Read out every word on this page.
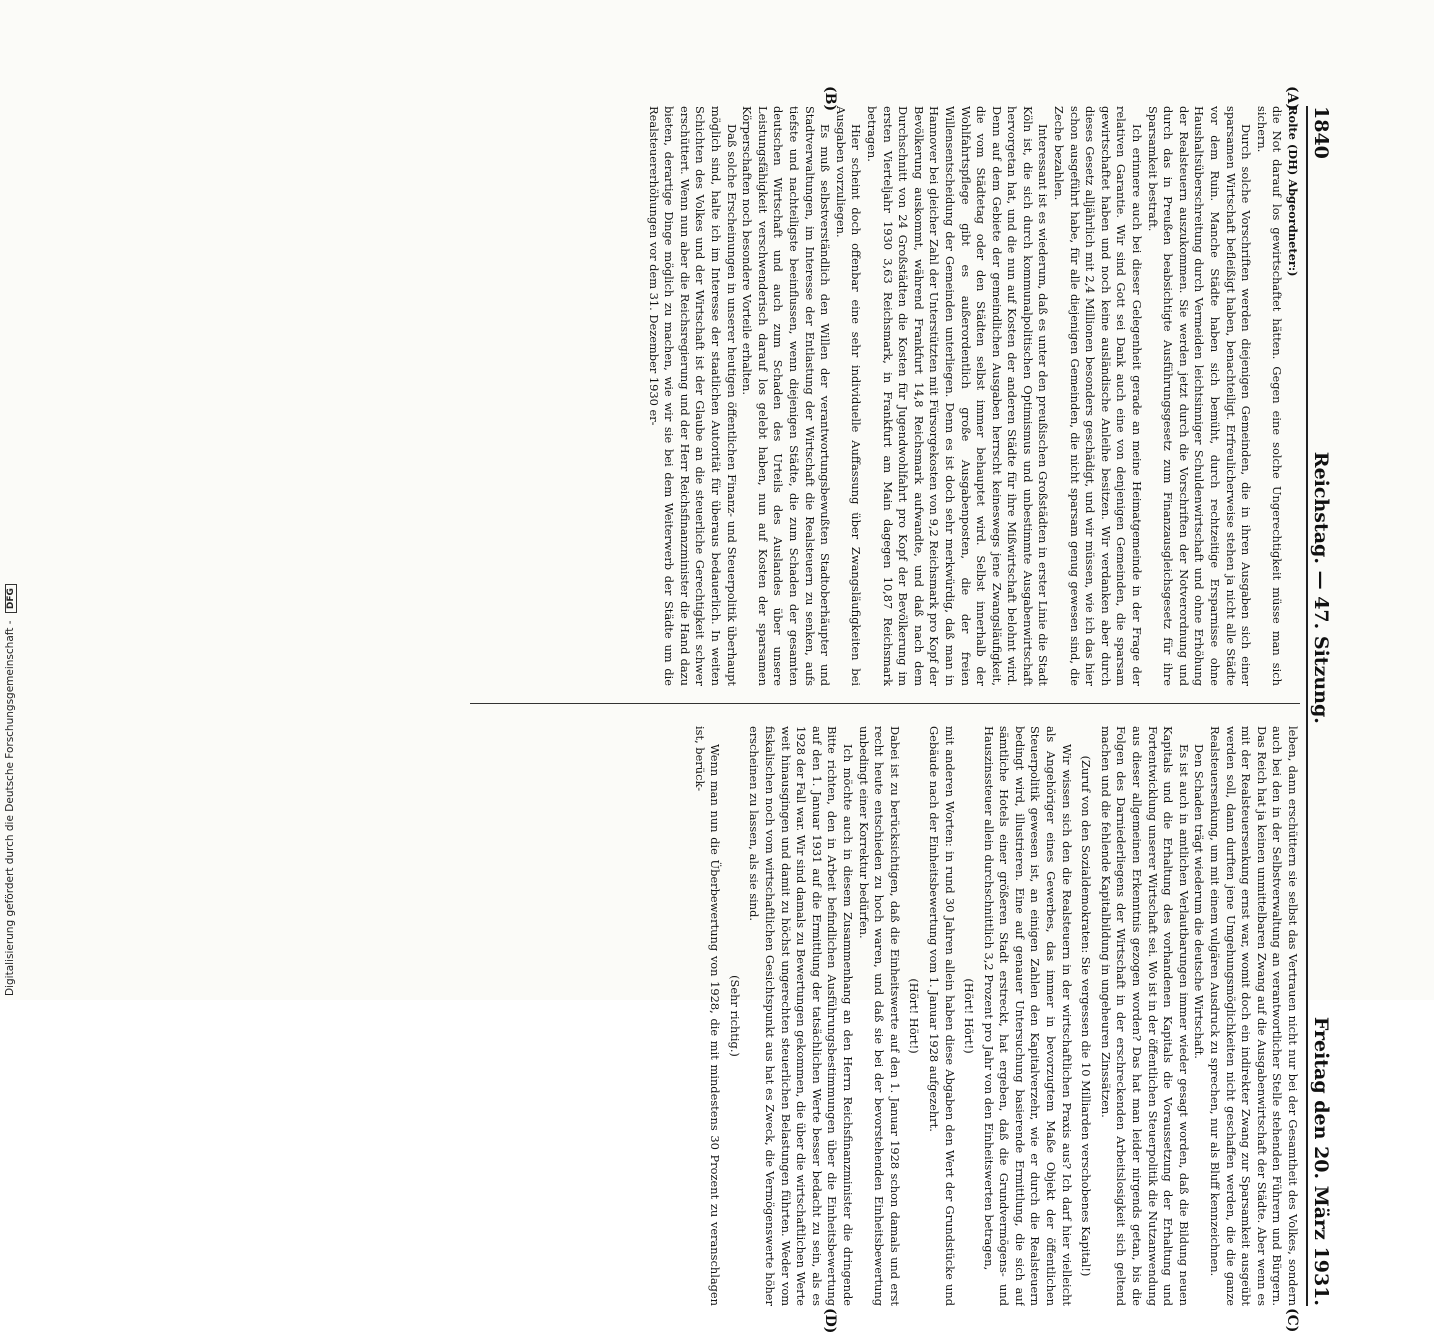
1840
Reichstag. — 47. Sitzung.
Freitag den 20. März 1931.
(A)
(B)
(C)
(D)

Rolte (DH) Abgeordneter:)

die Not darauf los gewirtschaftet hätten. Gegen eine solche Ungerechtigkeit müsse man sich sichern.

Durch solche Vorschriften werden diejenigen Gemeinden, die in ihren Ausgaben sich einer sparsamen Wirtschaft befleißigt haben, benachteiligt. Erfreulicherweise stehen ja nicht alle Städte vor dem Ruin. Manche Städte haben sich bemüht, durch rechtzeitige Ersparnisse ohne Haushaltsüberschreitung durch Vermeiden leichtsinniger Schuldenwirtschaft und ohne Erhöhung der Realsteuern auszukommen. Sie werden jetzt durch die Vorschriften der Notverordnung und durch das in Preußen beabsichtigte Ausführungsgesetz zum Finanzausgleichsgesetz für ihre Sparsamkeit bestraft.

Ich erinnere auch bei dieser Gelegenheit gerade an meine Heimatgemeinde in der Frage der relativen Garantie. Wir sind Gott sei Dank auch eine von denjenigen Gemeinden, die sparsam gewirtschaftet haben und noch keine ausländische Anleihe besitzen. Wir verdanken aber durch dieses Gesetz alljährlich mit 2,4 Millionen besonders geschädigt, und wir müssen, wie ich das hier schon ausgeführt habe, für alle diejenigen Gemeinden, die nicht sparsam genug gewesen sind, die Zeche bezahlen.

Interessant ist es wiederum, daß es unter den preußischen Großstädten in erster Linie die Stadt Köln ist, die sich durch kommunalpolitischen Optimismus und unbestimmte Ausgabenwirtschaft hervorgetan hat, und die nun auf Kosten der anderen Städte für ihre Mißwirtschaft belohnt wird. Denn auf dem Gebiete der gemeindlichen Ausgaben herrscht keineswegs jene Zwangsläufigkeit, die vom Städtetag oder den Städten selbst immer behauptet wird. Selbst innerhalb der Wohlfahrtspflege gibt es außerordentlich große Ausgabenposten, die der freien Willensentscheidung der Gemeinden unterliegen. Denn es ist doch sehr merkwürdig, daß man in Hannover bei gleicher Zahl der Unterstützten mit Fürsorgekosten von 9,2 Reichsmark pro Kopf der Bevölkerung auskommt, während Frankfurt 14,8 Reichsmark aufwandte, und daß nach dem Durchschnitt von 24 Großstädten die Kosten für Jugendwohlfahrt pro Kopf der Bevölkerung im ersten Vierteljahr 1930 3,63 Reichsmark, in Frankfurt am Main dagegen 10,87 Reichsmark betragen.

Hier scheint doch offenbar eine sehr individuelle Auffassung über Zwangsläufigkeiten bei Ausgaben vorzuliegen.

Es muß selbstverständlich den Willen der verantwortungsbewußten Stadtoberhäupter und Stadtverwaltungen, im Interesse der Entlastung der Wirtschaft die Realsteuern zu senken, aufs tiefste und nachteiligste beeinflussen, wenn diejenigen Städte, die zum Schaden der gesamten deutschen Wirtschaft und auch zum Schaden des Urteils des Auslandes über unsere Leistungsfähigkeit verschwenderisch darauf los gelebt haben, nun auf Kosten der sparsamen Körperschaften noch besondere Vorteile erhalten.

Daß solche Erscheinungen in unserer heutigen öffentlichen Finanz- und Steuerpolitik überhaupt möglich sind, halte ich im Interesse der staatlichen Autorität für überaus bedauerlich. In weiten Schichten des Volkes und der Wirtschaft ist der Glaube an die steuerliche Gerechtigkeit schwer erschüttert. Wenn nun aber die Reichsregierung und der Herr Reichsfinanzminister die Hand dazu bieten, derartige Dinge möglich zu machen, wie wir sie bei dem Weiterwerb der Städte um die Realsteuererhöhungen vor dem 31. Dezember 1930 er-

leben, dann erschüttern sie selbst das Vertrauen nicht nur bei der Gesamtheit des Volkes, sondern auch bei den in der Selbstverwaltung an verantwortlicher Stelle stehenden Führern und Bürgern. Das Reich hat ja keinen unmittelbaren Zwang auf die Ausgabenwirtschaft der Städte. Aber wenn es mit der Realsteuersenkung ernst war, womit doch ein indirekter Zwang zur Sparsamkeit ausgeübt werden soll, dann durften jene Umgehungsmöglichkeiten nicht geschaffen werden, die die ganze Realsteuersenkung, um mit einem vulgären Ausdruck zu sprechen, nur als Bluff kennzeichnen.

Den Schaden trägt wiederum die deutsche Wirtschaft.

Es ist auch in amtlichen Verlautbarungen immer wieder gesagt worden, daß die Bildung neuen Kapitals und die Erhaltung des vorhandenen Kapitals die Voraussetzung der Erhaltung und Fortentwicklung unserer Wirtschaft sei. Wo ist in der öffentlichen Steuerpolitik die Nutzanwendung aus dieser allgemeinen Erkenntnis gezogen worden? Das hat man leider nirgends getan, bis die Folgen des Darniederliegens der Wirtschaft in der erschreckenden Arbeitslosigkeit sich geltend machen und die fehlende Kapitalbildung in ungeheuren Zinssätzen.

(Zuruf von den Sozialdemokraten: Sie vergessen die 10 Milliarden verschobenes Kapital!)

Wir wissen sich den die Realsteuern in der wirtschaftlichen Praxis aus? Ich darf hier vielleicht als Angehöriger eines Gewerbes, das immer in bevorzugtem Maße Objekt der öffentlichen Steuerpolitik gewesen ist, an einigen Zahlen den Kapitalverzehr, wie er durch die Realsteuern bedingt wird, illustrieren. Eine auf genauer Untersuchung basierende Ermittlung, die sich auf sämtliche Hotels einer größeren Stadt erstreckt, hat ergeben, daß die Grundvermögens- und Hauszinssteuer allein durchschnittlich 3,2 Prozent pro Jahr von den Einheitswerten betragen,

(Hört! Hört!)

mit anderen Worten: in rund 30 Jahren allein haben diese Abgaben den Wert der Grundstücke und Gebäude nach der Einheitsbewertung vom 1. Januar 1928 aufgezehrt.

(Hört! Hört!)

Dabei ist zu berücksichtigen, daß die Einheitswerte auf den 1. Januar 1928 schon damals und erst recht heute entschieden zu hoch waren, und daß sie bei der bevorstehenden Einheitsbewertung unbedingt einer Korrektur bedürfen.

Ich möchte auch in diesem Zusammenhang an den Herrn Reichsfinanzminister die dringende Bitte richten, den in Arbeit befindlichen Ausführungsbestimmungen über die Einheitsbewertung auf den 1. Januar 1931 auf die Ermittlung der tatsächlichen Werte besser bedacht zu sein, als es 1928 der Fall war. Wir sind damals zu Bewertungen gekommen, die über die wirtschaftlichen Werte weit hinausgingen und damit zu höchst ungerechten steuerlichen Belastungen führten. Weder vom fiskalischen noch vom wirtschaftlichen Gesichtspunkt aus hat es Zweck, die Vermögenswerte höher erscheinen zu lassen, als sie sind.

(Sehr richtig.)

Wenn man nun die Überbewertung von 1928, die mit mindestens 30 Prozent zu veranschlagen ist, berück-

Digitalisierung gefördert durch die Deutsche Forschungsgemeinschaft - DFG
